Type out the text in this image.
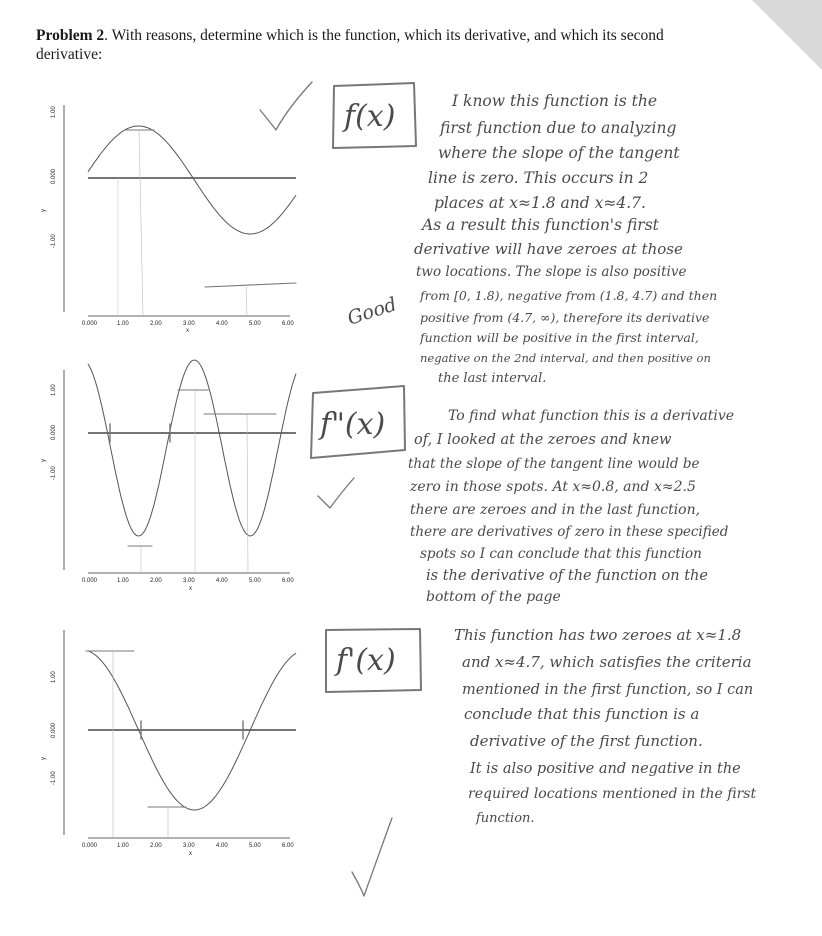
Problem 2. With reasons, determine which is the function, which its derivative, and which its second derivative:
1.00
0.000
-1.00
y
0.000	1.00	2.00	3.00	4.00	5.00	6.00
x
1.00
0.000
-1.00
y
0.000	1.00	2.00	3.00	4.00	5.00	6.00
x
1.00
0.000
-1.00
y
0.000	1.00	2.00	3.00	4.00	5.00	6.00
x
f(x)
f"(x)
f'(x)
Good
I know this function is the
first function due to analyzing
where the slope of the tangent
line is zero. This occurs in 2
places at x≈1.8 and x≈4.7.
As a result this function's first
derivative will have zeroes at those
two locations. The slope is also positive
from [0, 1.8), negative from (1.8, 4.7) and then
positive from (4.7, ∞), therefore its derivative
function will be positive in the first interval,
negative on the 2nd interval, and then positive on
the last interval.
To find what function this is a derivative
of, I looked at the zeroes and knew
that the slope of the tangent line would be
zero in those spots. At x≈0.8, and x≈2.5
there are zeroes and in the last function,
there are derivatives of zero in these specified
spots so I can conclude that this function
is the derivative of the function on the
bottom of the page
This function has two zeroes at x≈1.8
and x≈4.7, which satisfies the criteria
mentioned in the first function, so I can
conclude that this function is a
derivative of the first function.
It is also positive and negative in the
required locations mentioned in the first
function.
